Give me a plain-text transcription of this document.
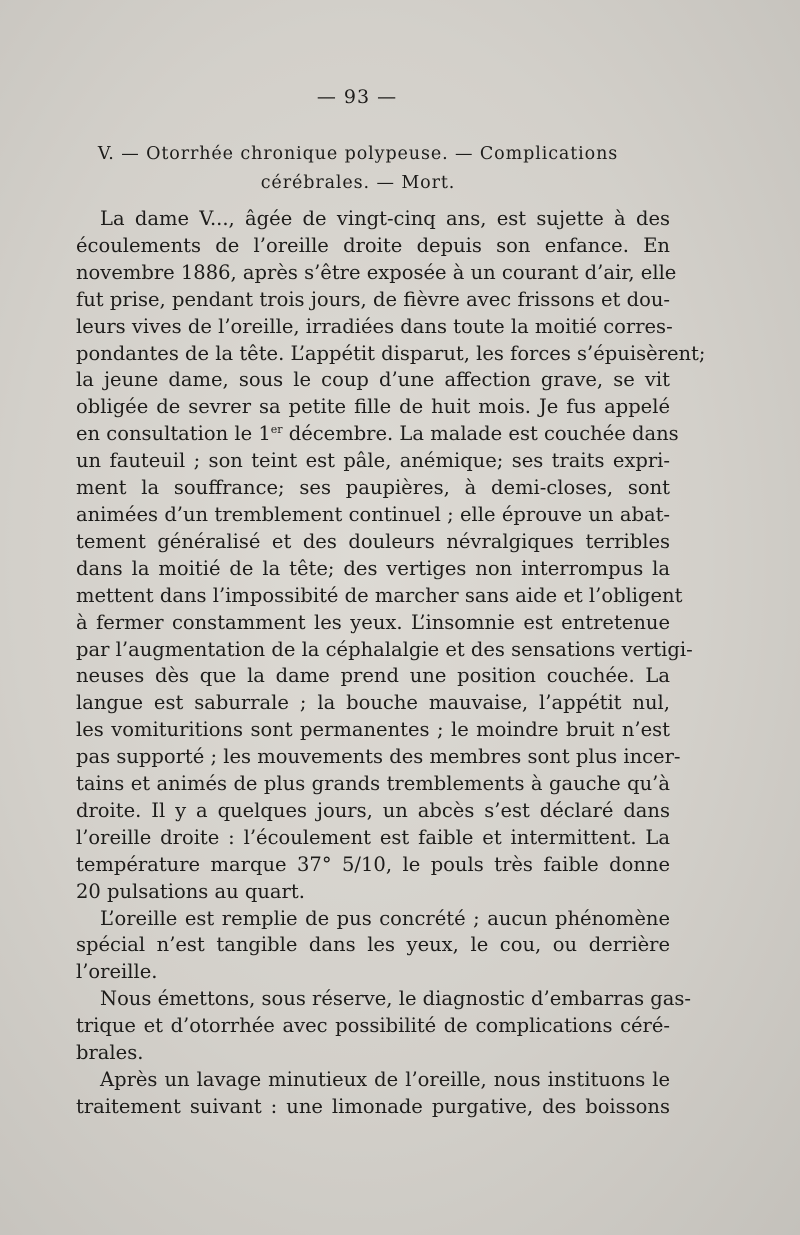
— 93 —
V. — Otorrhée chronique polypeuse. — Complications
cérébrales. — Mort.
La dame V..., âgée de vingt-cinq ans, est sujette à des
écoulements de l’oreille droite depuis son enfance. En
novembre 1886, après s’être exposée à un courant d’air, elle
fut prise, pendant trois jours, de fièvre avec frissons et dou-
leurs vives de l’oreille, irradiées dans toute la moitié corres-
pondantes de la tête. L’appétit disparut, les forces s’épuisèrent;
la jeune dame, sous le coup d’une affection grave, se vit
obligée de sevrer sa petite fille de huit mois. Je fus appelé
en consultation le 1er décembre. La malade est couchée dans
un fauteuil ; son teint est pâle, anémique; ses traits expri-
ment la souffrance; ses paupières, à demi-closes, sont
animées d’un tremblement continuel ; elle éprouve un abat-
tement généralisé et des douleurs névralgiques terribles
dans la moitié de la tête; des vertiges non interrompus la
mettent dans l’impossibité de marcher sans aide et l’obligent
à fermer constamment les yeux. L’insomnie est entretenue
par l’augmentation de la céphalalgie et des sensations vertigi-
neuses dès que la dame prend une position couchée. La
langue est saburrale ; la bouche mauvaise, l’appétit nul,
les vomituritions sont permanentes ; le moindre bruit n’est
pas supporté ; les mouvements des membres sont plus incer-
tains et animés de plus grands tremblements à gauche qu’à
droite. Il y a quelques jours, un abcès s’est déclaré dans
l’oreille droite : l’écoulement est faible et intermittent. La
température marque 37° 5/10, le pouls très faible donne
20 pulsations au quart.
L’oreille est remplie de pus concrété ; aucun phénomène
spécial n’est tangible dans les yeux, le cou, ou derrière
l’oreille.
Nous émettons, sous réserve, le diagnostic d’embarras gas-
trique et d’otorrhée avec possibilité de complications céré-
brales.
Après un lavage minutieux de l’oreille, nous instituons le
traitement suivant : une limonade purgative, des boissons
